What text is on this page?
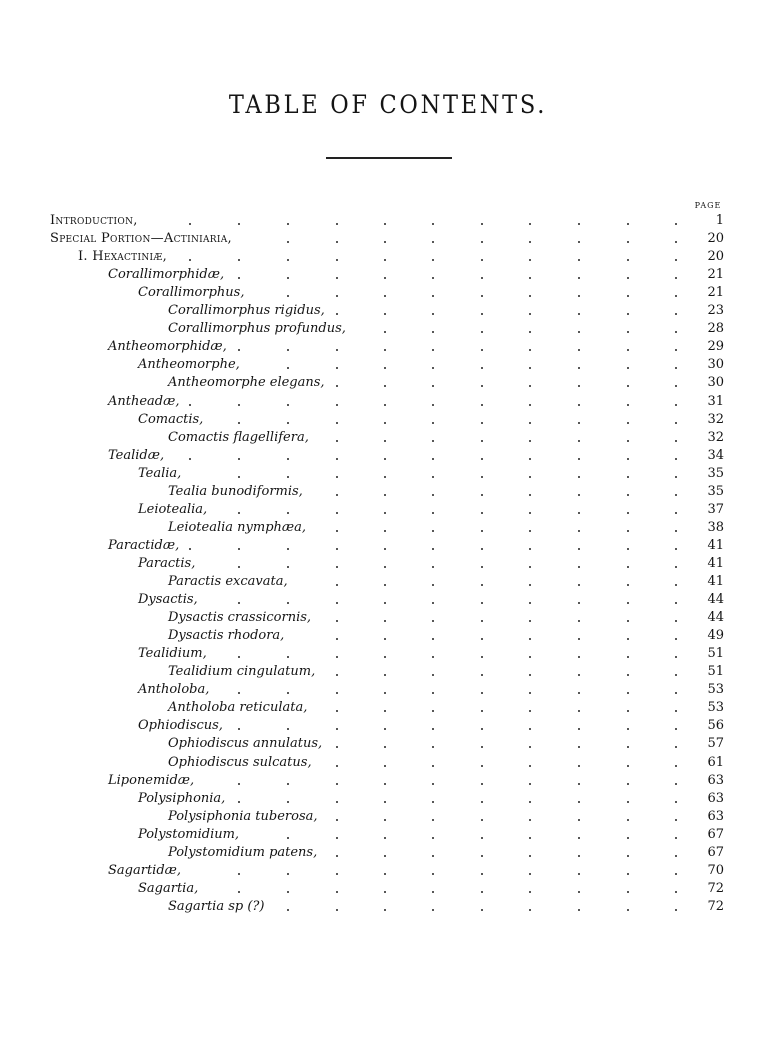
TABLE OF CONTENTS.
PAGE
Introduction,	1
Special Portion—Actiniaria,	20
I. Hexactiniæ,	20
Corallimorphidæ,	21
Corallimorphus,	21
Corallimorphus rigidus,	23
Corallimorphus profundus,	28
Antheomorphidæ,	29
Antheomorphe,	30
Antheomorphe elegans,	30
Antheadæ,	31
Comactis,	32
Comactis flagellifera,	32
Tealidæ,	34
Tealia,	35
Tealia bunodiformis,	35
Leiotealia,	37
Leiotealia nymphæa,	38
Paractidæ,	41
Paractis,	41
Paractis excavata,	41
Dysactis,	44
Dysactis crassicornis,	44
Dysactis rhodora,	49
Tealidium,	51
Tealidium cingulatum,	51
Antholoba,	53
Antholoba reticulata,	53
Ophiodiscus,	56
Ophiodiscus annulatus,	57
Ophiodiscus sulcatus,	61
Liponemidæ,	63
Polysiphonia,	63
Polysiphonia tuberosa,	63
Polystomidium,	67
Polystomidium patens,	67
Sagartidæ,	70
Sagartia,	72
Sagartia sp (?)	72
